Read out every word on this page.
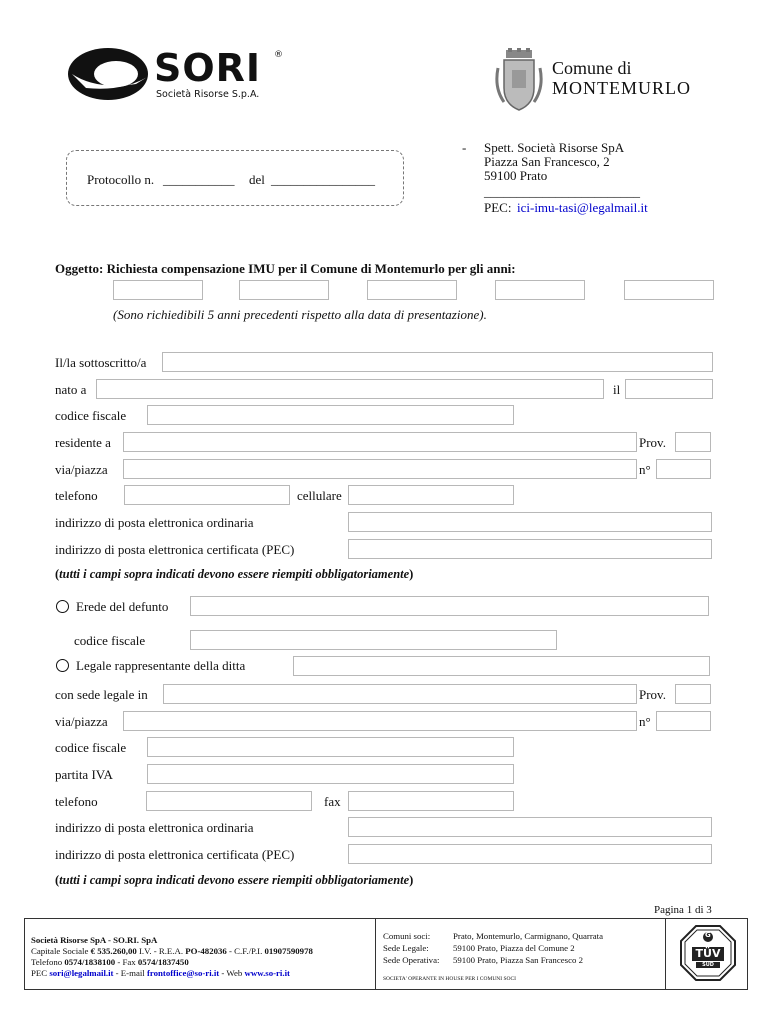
SORI ®
Società Risorse S.p.A.
Comune di
MONTEMURLO
Protocollo n. ___________ del ________________
- Spett. Società Risorse SpA
Piazza San Francesco, 2
59100 Prato
________________________
PEC: ici-imu-tasi@legalmail.it
Oggetto: Richiesta compensazione IMU per il Comune di Montemurlo per gli anni:
(Sono richiedibili 5 anni precedenti rispetto alla data di presentazione).
Il/la sottoscritto/a
nato a	il
codice fiscale
residente a	Prov.
via/piazza	n°
telefono	cellulare
indirizzo di posta elettronica ordinaria
indirizzo di posta elettronica certificata (PEC)
(tutti i campi sopra indicati devono essere riempiti obbligatoriamente)
Erede del defunto
codice fiscale
Legale rappresentante della ditta
con sede legale in	Prov.
via/piazza	n°
codice fiscale
partita IVA
telefono	fax
indirizzo di posta elettronica ordinaria
indirizzo di posta elettronica certificata (PEC)
(tutti i campi sopra indicati devono essere riempiti obbligatoriamente)
Pagina 1 di 3
Società Risorse SpA - SO.RI. SpA
Capitale Sociale € 535.260,00 I.V. - R.E.A. PO-482036 - C.F./P.I. 01907590978
Telefono 0574/1838100 - Fax 0574/1837450
PEC sori@legalmail.it - E-mail frontoffice@so-ri.it - Web www.so-ri.it
Comuni soci:	Prato, Montemurlo, Carmignano, Quarrata
Sede Legale:	59100 Prato, Piazza del Comune 2
Sede Operativa: 59100 Prato, Piazza San Francesco 2
SOCIETA' OPERANTE IN HOUSE PER I COMUNI SOCI
G
TÜV
SÜD
